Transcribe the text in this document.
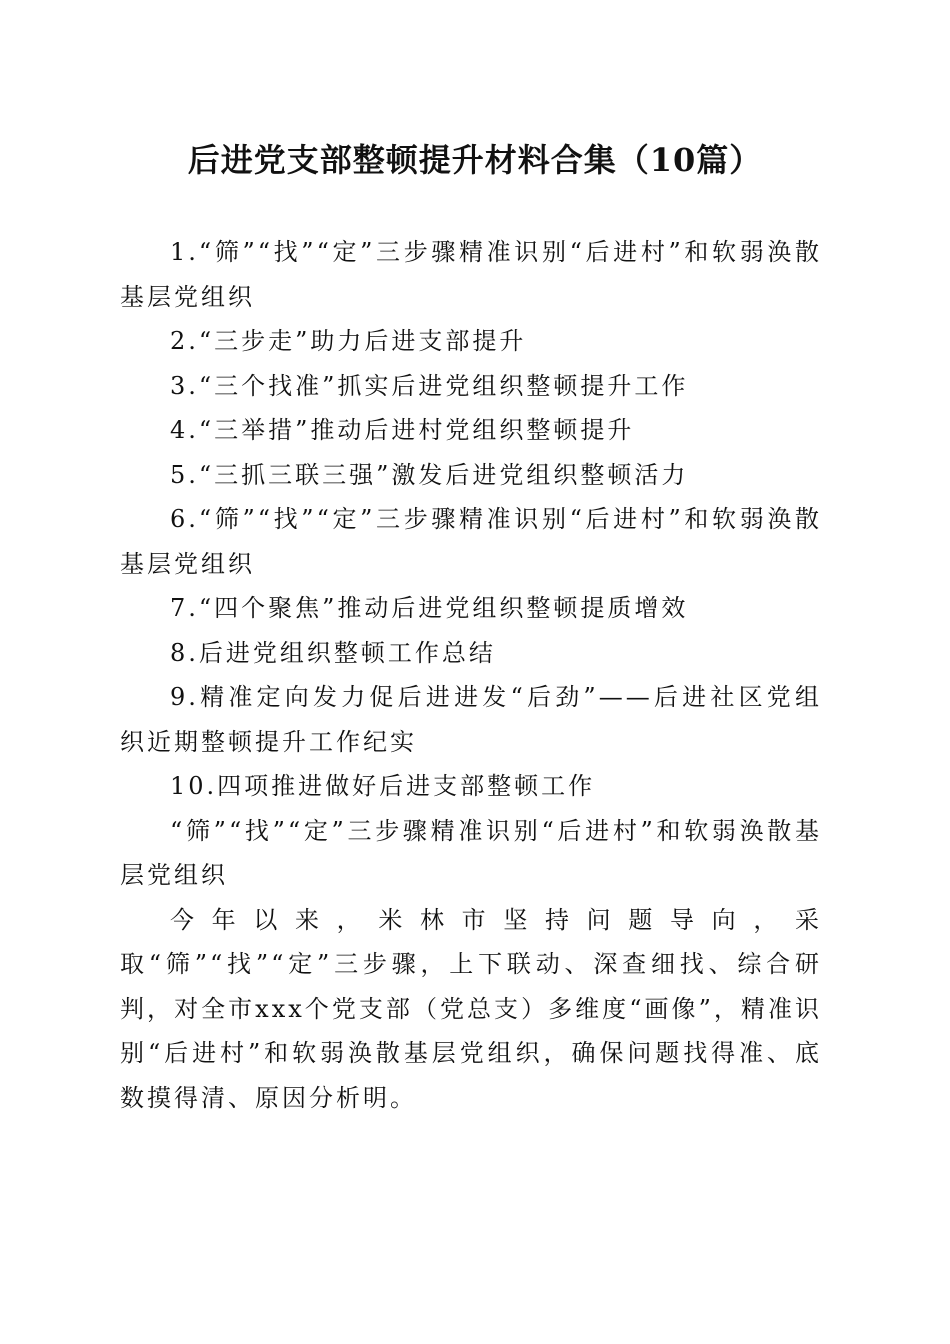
后进党支部整顿提升材料合集（10篇）

1.“筛”“找”“定”三步骤精准识别“后进村”和软弱涣散基层党组织

2.“三步走”助力后进支部提升

3.“三个找准”抓实后进党组织整顿提升工作

4.“三举措”推动后进村党组织整顿提升

5.“三抓三联三强”激发后进党组织整顿活力

6.“筛”“找”“定”三步骤精准识别“后进村”和软弱涣散基层党组织

7.“四个聚焦”推动后进党组织整顿提质增效

8.后进党组织整顿工作总结

9.精准定向发力促后进进发“后劲”——后进社区党组织近期整顿提升工作纪实

10.四项推进做好后进支部整顿工作

“筛”“找”“定”三步骤精准识别“后进村”和软弱涣散基层党组织

今年以来，米林市坚持问题导向，采取“筛”“找”“定”三步骤，上下联动、深查细找、综合研判，对全市xxx个党支部（党总支）多维度“画像”，精准识别“后进村”和软弱涣散基层党组织，确保问题找得准、底数摸得清、原因分析明。
